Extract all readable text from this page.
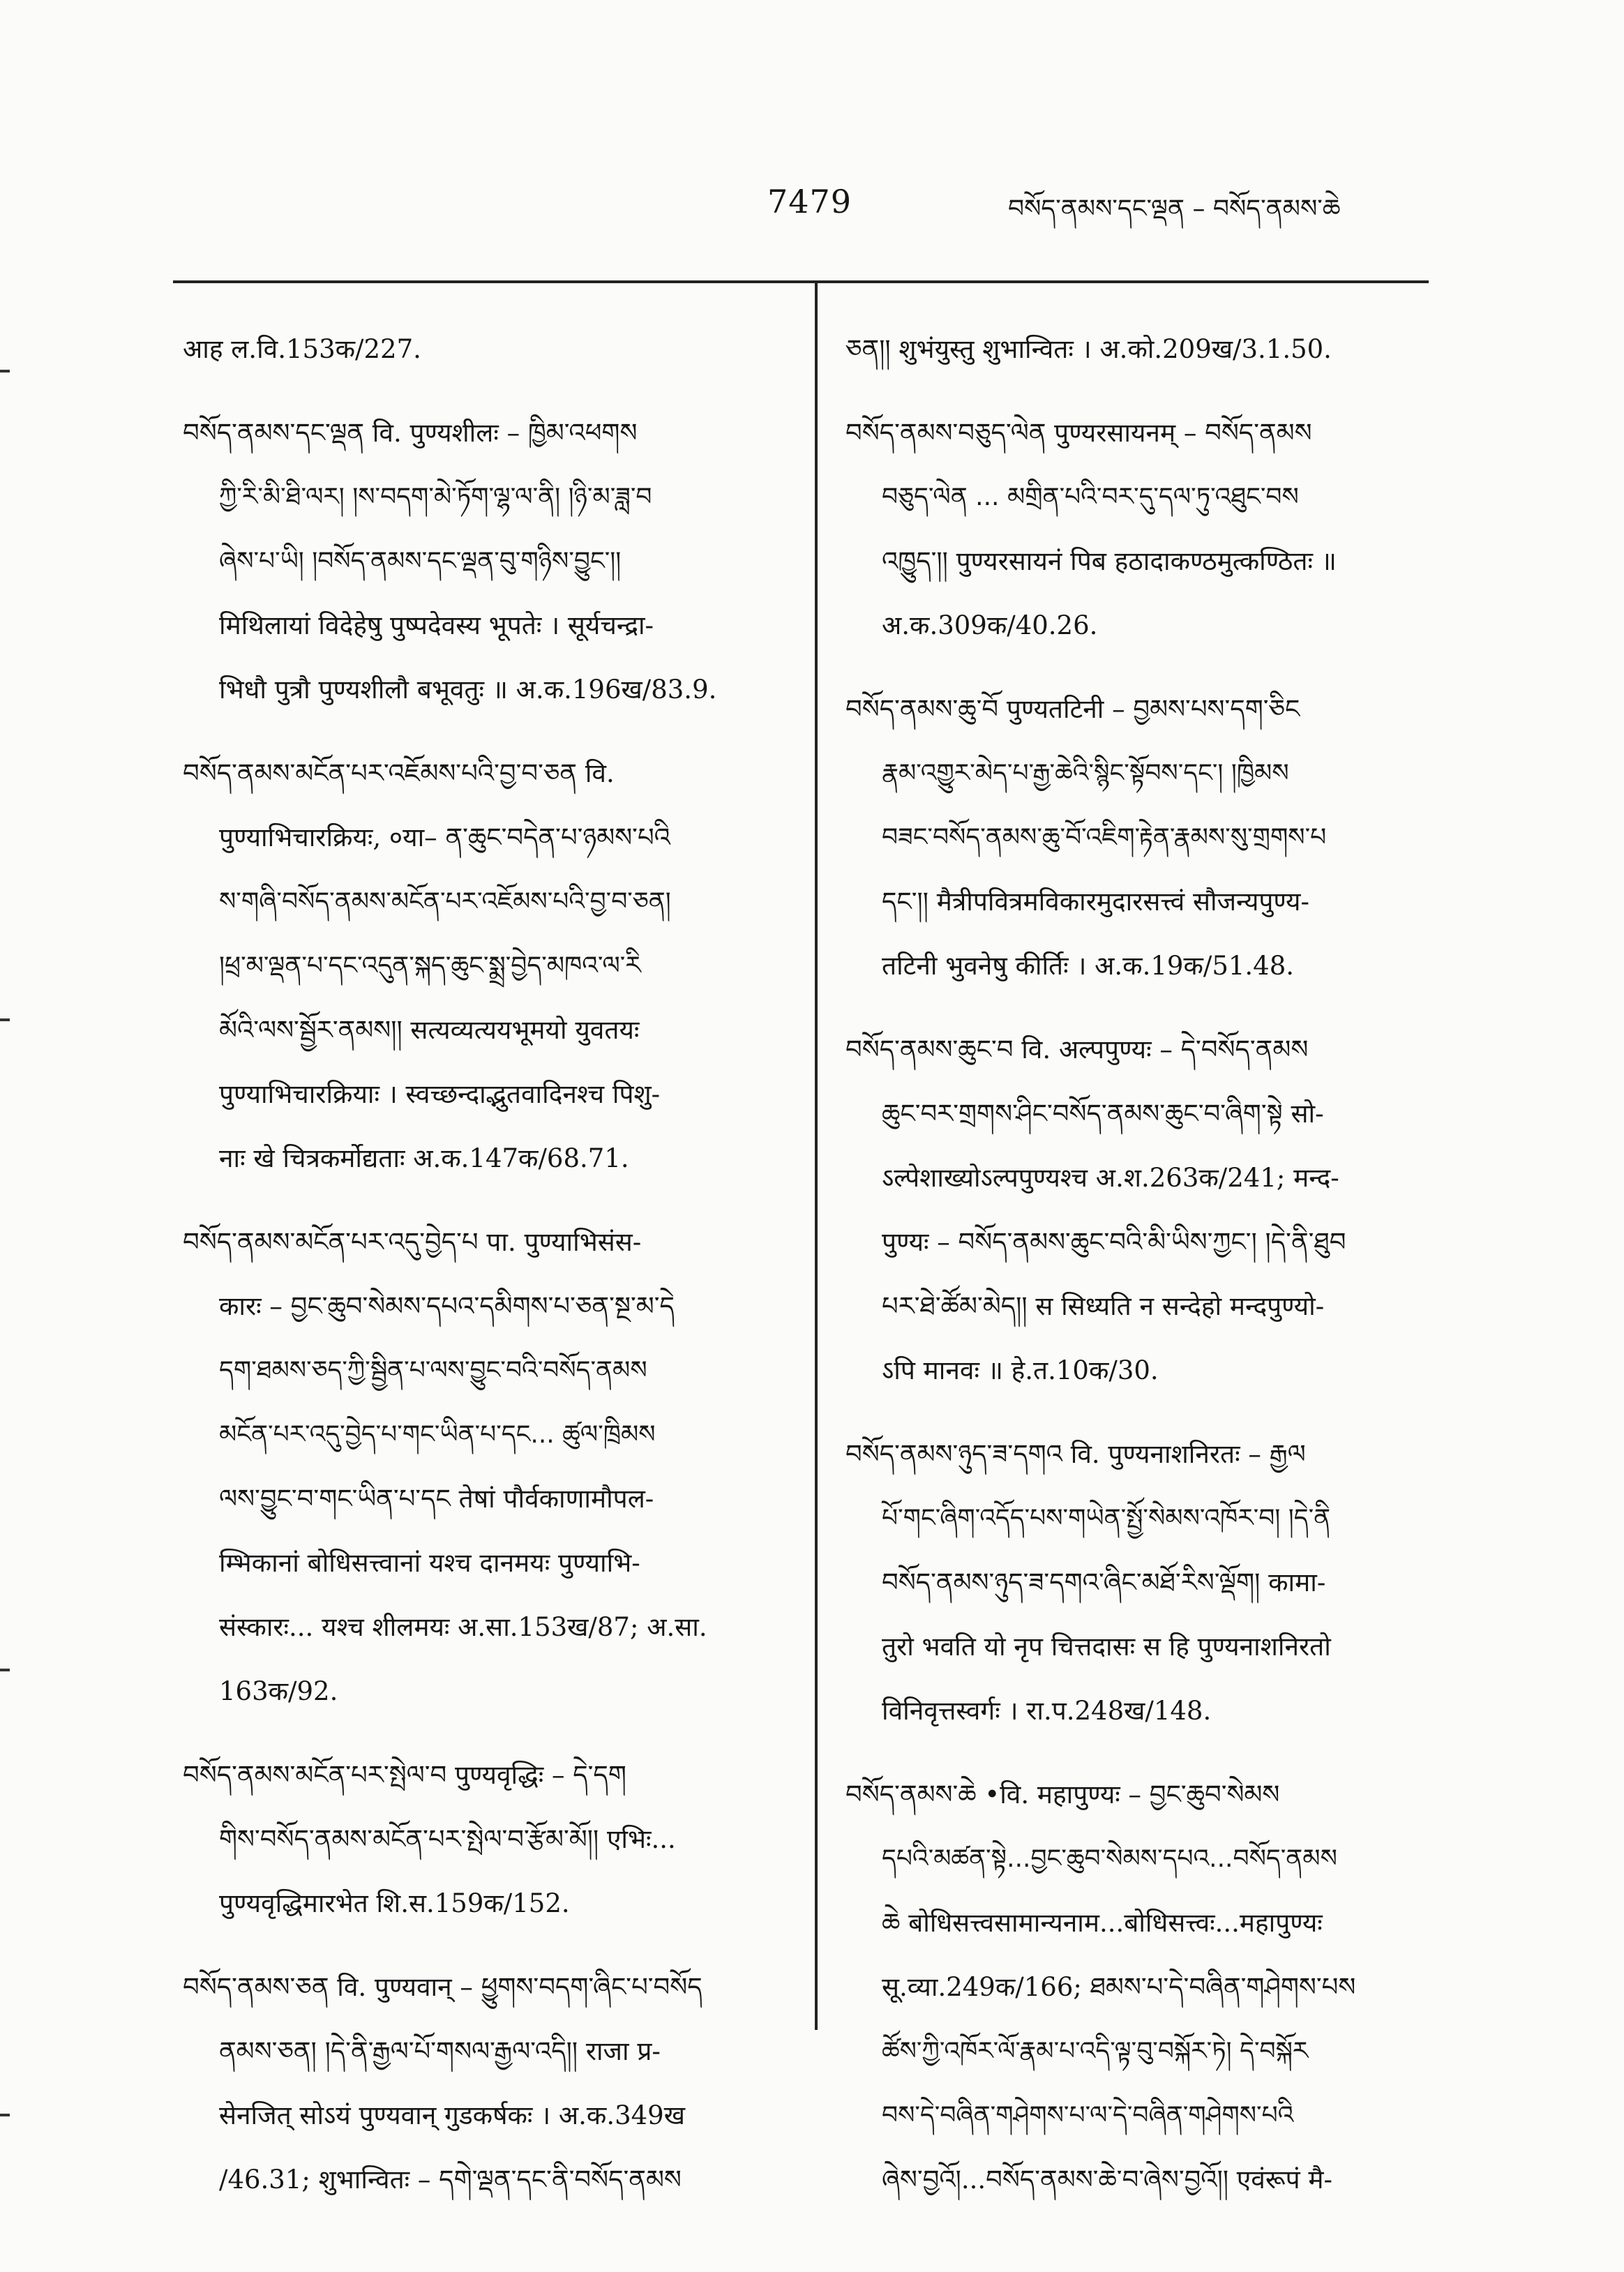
7479	བསོད་ནམས་དང་ལྡན – བསོད་ནམས་ཆེ
आह ल.वि.153क/227.
བསོད་ནམས་དང་ལྡན वि. पुण्यशीलः – ཁྱིམ་འཕགས
ཀྱི་རི་མི་ཐི་ལར། །ས་བདག་མེ་ཏོག་ལྷ་ལ་ནི། །ཉི་མ་ཟླ་བ
ཞེས་པ་ཡི། །བསོད་ནམས་དང་ལྡན་བུ་གཉིས་བྱུང་།།
मिथिलायां विदेहेषु पुष्पदेवस्य भूपतेः । सूर्यचन्द्रा-
भिधौ पुत्रौ पुण्यशीलौ बभूवतुः ॥ अ.क.196ख/83.9.
བསོད་ནམས་མངོན་པར་འཇོམས་པའི་བྱ་བ་ཅན वि.
पुण्याभिचारक्रियः, ०या– ན་ཆུང་བདེན་པ་ཉམས་པའི
ས་གཞི་བསོད་ནམས་མངོན་པར་འཇོམས་པའི་བྱ་བ་ཅན།
།ཕྲ་མ་ལྡན་པ་དང་འདུན་སྐད་ཆུང་སྨྲ་བྱེད་མཁའ་ལ་རི
མོའི་ལས་སྦྱོར་ནམས།། सत्यव्यत्ययभूमयो युवतयः
पुण्याभिचारक्रियाः । स्वच्छन्दाद्भुतवादिनश्च पिशु-
नाः खे चित्रकर्मोद्यताः अ.क.147क/68.71.
བསོད་ནམས་མངོན་པར་འདུ་བྱེད་པ पा. पुण्याभिसंस-
कारः – བྱང་ཆུབ་སེམས་དཔའ་དམིགས་པ་ཅན་སྔ་མ་དེ
དག་ཐམས་ཅད་ཀྱི་སྦྱིན་པ་ལས་བྱུང་བའི་བསོད་ནམས
མངོན་པར་འདུ་བྱེད་པ་གང་ཡིན་པ་དང... ཚུལ་ཁྲིམས
ལས་བྱུང་བ་གང་ཡིན་པ་དང तेषां पौर्वकाणामौपल-
म्भिकानां बोधिसत्त्वानां यश्च दानमयः पुण्याभि-
संस्कारः... यश्च शीलमयः अ.सा.153ख/87; अ.सा.
163क/92.
བསོད་ནམས་མངོན་པར་སྤེལ་བ पुण्यवृद्धिः – དེ་དག
གིས་བསོད་ནམས་མངོན་པར་སྤེལ་བ་རྩོམ་མོ།། एभिः...
पुण्यवृद्धिमारभेत शि.स.159क/152.
བསོད་ནམས་ཅན वि. पुण्यवान् – ཕྱུགས་བདག་ཞིང་པ་བསོད
ནམས་ཅན། །དེ་ནི་རྒྱལ་པོ་གསལ་རྒྱལ་འདི།། राजा प्र-
सेनजित् सोऽयं पुण्यवान् गुडकर्षकः । अ.क.349ख
/46.31; शुभान्वितः – དགེ་ལྡན་དང་ནི་བསོད་ནམས
ཅན།། शुभंयुस्तु शुभान्वितः । अ.को.209ख/3.1.50.
བསོད་ནམས་བཅུད་ལེན पुण्यरसायनम् – བསོད་ནམས
བཅུད་ལེན ... མགྲིན་པའི་བར་དུ་དལ་ཏུ་འཐུང་བས
འཁྱུད་།། पुण्यरसायनं पिब हठादाकण्ठमुत्कण्ठितः ॥
अ.क.309क/40.26.
བསོད་ནམས་ཆུ་བོ पुण्यतटिनी – བྱམས་པས་དག་ཅིང
རྣམ་འགྱུར་མེད་པ་རྒྱ་ཆེའི་སྙིང་སྟོབས་དང་། །ཁྱིམས
བཟང་བསོད་ནམས་ཆུ་བོ་འཇིག་རྟེན་རྣམས་སུ་གྲགས་པ
དང་།། मैत्रीपवित्रमविकारमुदारसत्त्वं सौजन्यपुण्य-
तटिनी भुवनेषु कीर्तिः । अ.क.19क/51.48.
བསོད་ནམས་ཆུང་བ वि. अल्पपुण्यः – དེ་བསོད་ནམས
ཆུང་བར་གྲགས་ཤིང་བསོད་ནམས་ཆུང་བ་ཞིག་སྟེ सो-
ऽल्पेशाख्योऽल्पपुण्यश्च अ.श.263क/241; मन्द-
पुण्यः – བསོད་ནམས་ཆུང་བའི་མི་ཡིས་ཀྱང་། །དེ་ནི་ཐུབ
པར་ཐེ་ཚོམ་མེད།། स सिध्यति न सन्देहो मन्दपुण्यो-
ऽपि मानवः ॥ हे.त.10क/30.
བསོད་ནམས་ཉུད་ཟ་དགའ वि. पुण्यनाशनिरतः – རྒྱལ
པོ་གང་ཞིག་འདོད་པས་གཡེན་སྤྱོ་སེམས་འཁོར་བ། །དེ་ནི
བསོད་ནམས་ཉུད་ཟ་དགའ་ཞིང་མཐོ་རིས་ལྡོག། कामा-
तुरो भवति यो नृप चित्तदासः स हि पुण्यनाशनिरतो
विनिवृत्तस्वर्गः । रा.प.248ख/148.
བསོད་ནམས་ཆེ •वि. महापुण्यः – བྱང་ཆུབ་སེམས
དཔའི་མཚན་སྟེ...བྱང་ཆུབ་སེམས་དཔའ...བསོད་ནམས
ཆེ बोधिसत्त्वसामान्यनाम...बोधिसत्त्वः...महापुण्यः
सू.व्या.249क/166; ཐམས་པ་དེ་བཞིན་གཤེགས་པས
ཚོས་ཀྱི་འཁོར་ལོ་རྣམ་པ་འདི་ལྟ་བུ་བསྐོར་ཏེ། དེ་བསྐོར
བས་དེ་བཞིན་གཤེགས་པ་ལ་དེ་བཞིན་གཤེགས་པའི
ཞེས་བྱའོ།...བསོད་ནམས་ཆེ་བ་ཞེས་བྱའོ།། एवंरूपं मै-
